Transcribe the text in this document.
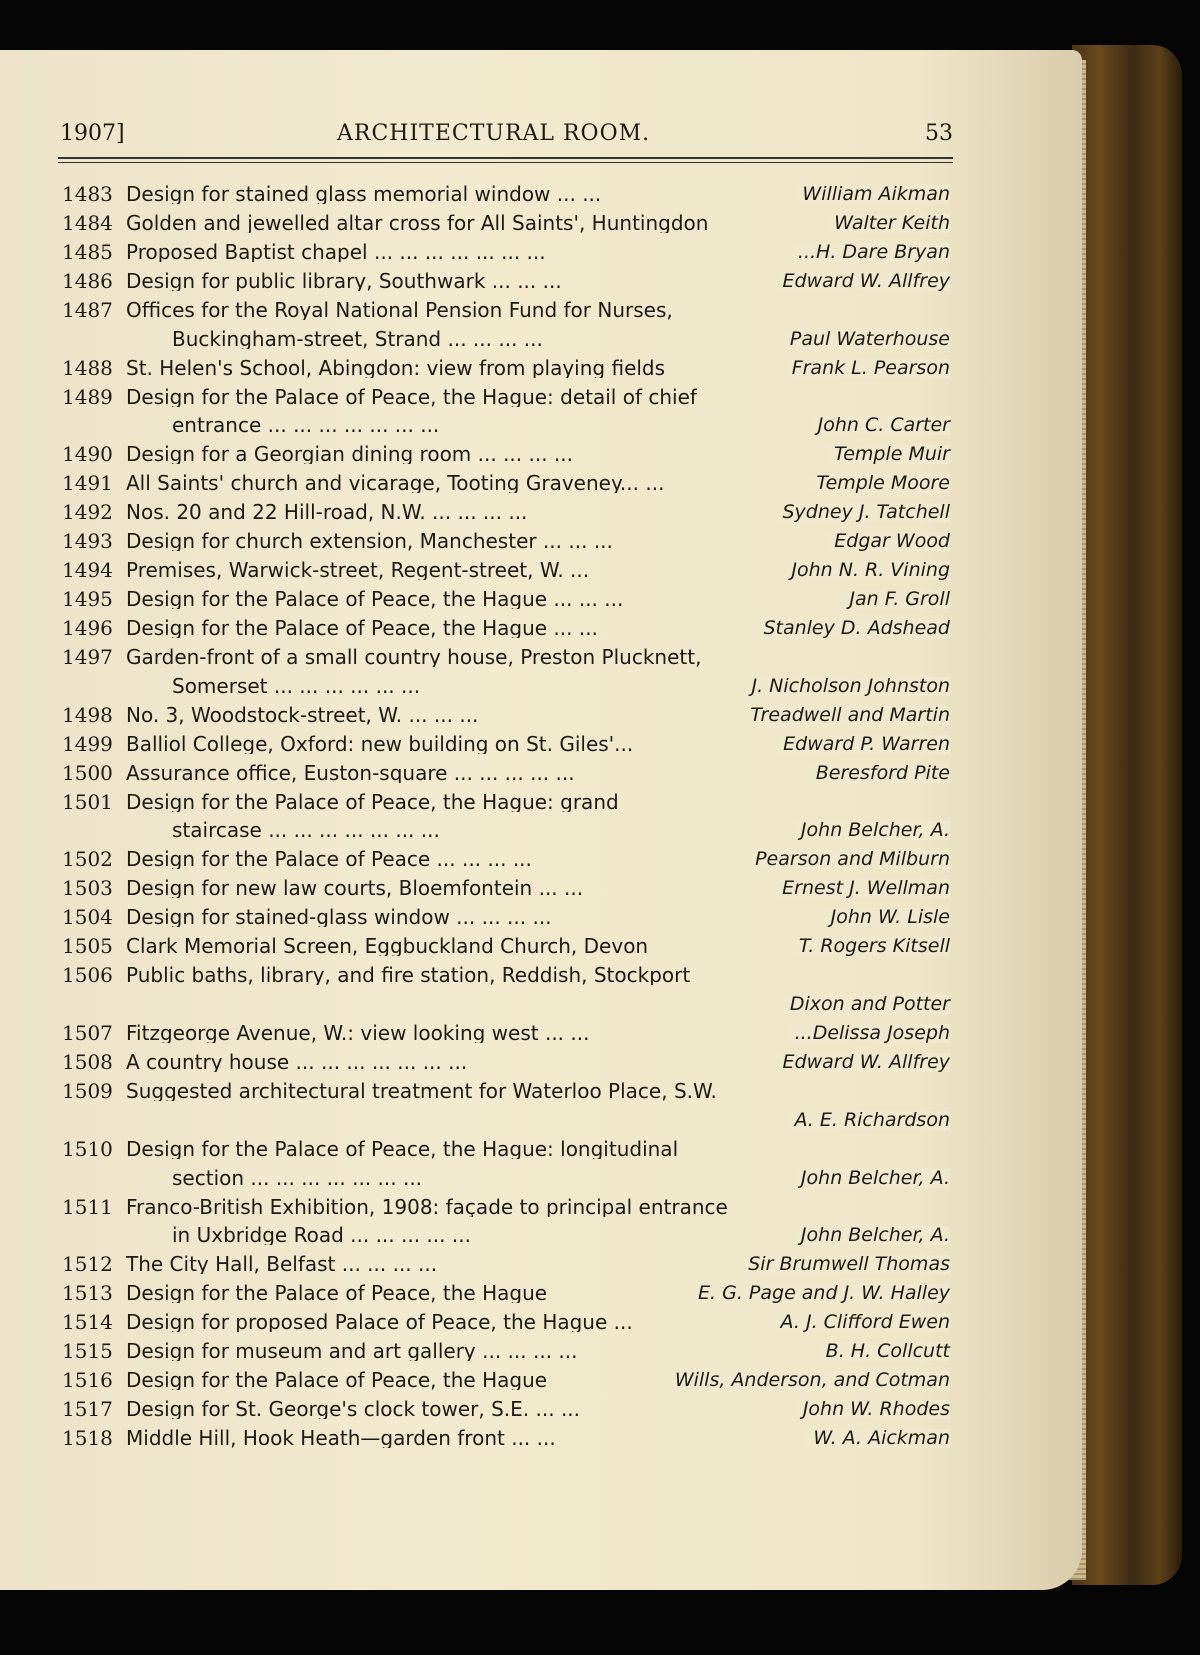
1907]	ARCHITECTURAL ROOM.	53
1483 Design for stained glass memorial window ... ...	William Aikman
1484 Golden and jewelled altar cross for All Saints', Huntingdon	Walter Keith
1485 Proposed Baptist chapel ... ... ... ... ... ... ...	...H. Dare Bryan
1486 Design for public library, Southwark ... ... ...	Edward W. Allfrey
1487 Offices for the Royal National Pension Fund for Nurses,
Buckingham-street, Strand ... ... ... ...	Paul Waterhouse
1488 St. Helen's School, Abingdon: view from playing fields	Frank L. Pearson
1489 Design for the Palace of Peace, the Hague: detail of chief
entrance ... ... ... ... ... ... ...	John C. Carter
1490 Design for a Georgian dining room ... ... ... ...	Temple Muir
1491 All Saints' church and vicarage, Tooting Graveney... ...	Temple Moore
1492 Nos. 20 and 22 Hill-road, N.W. ... ... ... ...	Sydney J. Tatchell
1493 Design for church extension, Manchester ... ... ...	Edgar Wood
1494 Premises, Warwick-street, Regent-street, W. ...	John N. R. Vining
1495 Design for the Palace of Peace, the Hague ... ... ...	Jan F. Groll
1496 Design for the Palace of Peace, the Hague ... ...	Stanley D. Adshead
1497 Garden-front of a small country house, Preston Plucknett,
Somerset ... ... ... ... ... ...	J. Nicholson Johnston
1498 No. 3, Woodstock-street, W. ... ... ...	Treadwell and Martin
1499 Balliol College, Oxford: new building on St. Giles'...	Edward P. Warren
1500 Assurance office, Euston-square ... ... ... ... ...	Beresford Pite
1501 Design for the Palace of Peace, the Hague: grand
staircase ... ... ... ... ... ... ...	John Belcher, A.
1502 Design for the Palace of Peace ... ... ... ...	Pearson and Milburn
1503 Design for new law courts, Bloemfontein ... ...	Ernest J. Wellman
1504 Design for stained-glass window ... ... ... ...	John W. Lisle
1505 Clark Memorial Screen, Eggbuckland Church, Devon	T. Rogers Kitsell
1506 Public baths, library, and fire station, Reddish, Stockport
Dixon and Potter
1507 Fitzgeorge Avenue, W.: view looking west ... ...	...Delissa Joseph
1508 A country house ... ... ... ... ... ... ...	Edward W. Allfrey
1509 Suggested architectural treatment for Waterloo Place, S.W.
A. E. Richardson
1510 Design for the Palace of Peace, the Hague: longitudinal
section ... ... ... ... ... ... ...	John Belcher, A.
1511 Franco-British Exhibition, 1908: façade to principal entrance
in Uxbridge Road ... ... ... ... ...	John Belcher, A.
1512 The City Hall, Belfast ... ... ... ...	Sir Brumwell Thomas
1513 Design for the Palace of Peace, the Hague	E. G. Page and J. W. Halley
1514 Design for proposed Palace of Peace, the Hague ...	A. J. Clifford Ewen
1515 Design for museum and art gallery ... ... ... ...	B. H. Collcutt
1516 Design for the Palace of Peace, the Hague	Wills, Anderson, and Cotman
1517 Design for St. George's clock tower, S.E. ... ...	John W. Rhodes
1518 Middle Hill, Hook Heath—garden front ... ...	W. A. Aickman
